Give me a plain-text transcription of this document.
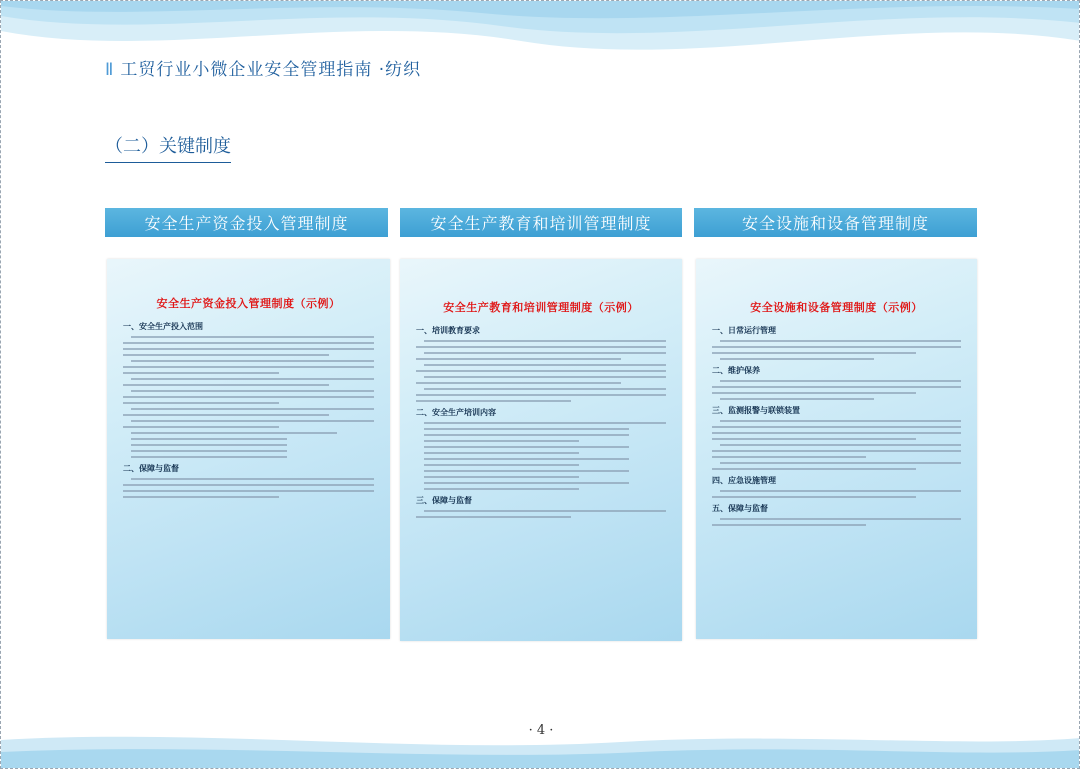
Ⅱ 工贸行业小微企业安全管理指南 ·纺织
（二）关键制度
安全生产资金投入管理制度	安全生产教育和培训管理制度	安全设施和设备管理制度
安全生产资金投入管理制度（示例）
一、安全生产投入范围
二、保障与监督
安全生产教育和培训管理制度（示例）
一、培训教育要求
二、安全生产培训内容
三、保障与监督
安全设施和设备管理制度（示例）
一、日常运行管理
二、维护保养
三、监测报警与联锁装置
四、应急设施管理
五、保障与监督
· 4 ·
